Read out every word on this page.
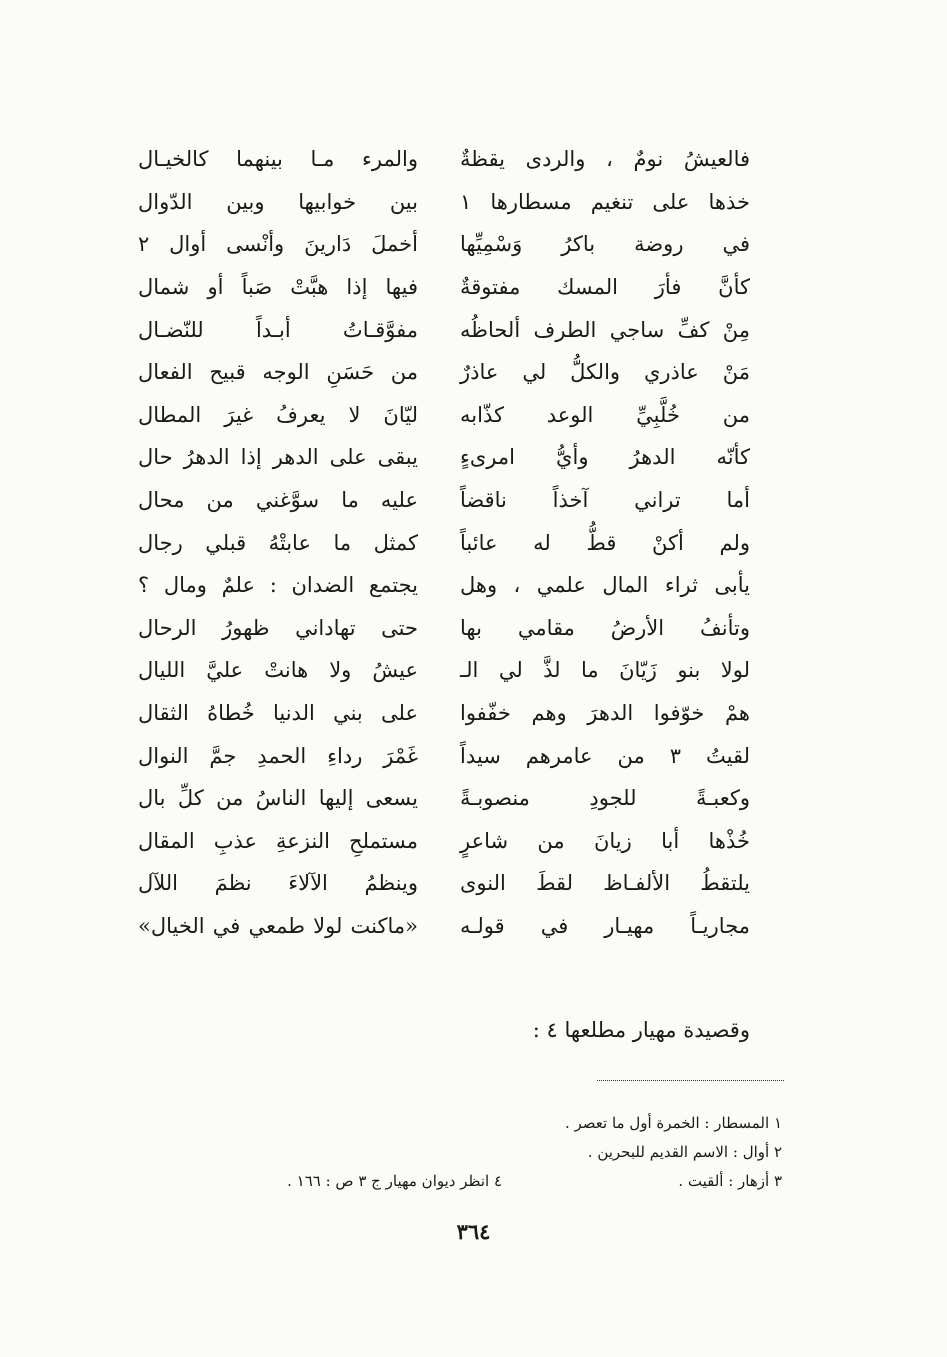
فالعيشُ نومٌ ، والردى يقظةٌ
والمرء مـا بينهما كالخيـال
خذها على تنغيم مسطارها ١
بين خوابيها وبين الدّوال
في روضة باكرُ وَسْمِيِّها
أخملَ دَارينَ وأنْسى أوال ٢
كأنَّ فأرَ المسك مفتوقةٌ
فيها إذا هبَّتْ صَباً أو شمال
مِنْ كفِّ ساجي الطرف ألحاظُه
مفوَّقـاتُ أبـداً للنّضـال
مَنْ عاذري والكلُّ لي عاذرٌ
من حَسَنِ الوجه قبيح الفعال
من خُلَّبِيِّ الوعد كذّابه
ليّانَ لا يعرفُ غيرَ المطال
كأنّه الدهرُ وأيُّ امرىءٍ
يبقى على الدهر إذا الدهرُ حال
أما تراني آخذاً ناقضاً
عليه ما سوَّغني من محال
ولم أكنْ قطُّ له عائباً
كمثل ما عابتْهُ قبلي رجال
يأبى ثراء المال علمي ، وهل
يجتمع الضدان : علمٌ ومال ؟
وتأنفُ الأرضُ مقامي بها
حتى تهاداني ظهورُ الرحال
لولا بنو زَيّانَ ما لذَّ لي الـ
عيشُ ولا هانتْ عليَّ الليال
همْ خوّفوا الدهرَ وهم خفّفوا
على بني الدنيا خُطاهُ الثقال
لقيتُ ٣ من عامرهم سيداً
غَمْرَ رداءِ الحمدِ جمَّ النوال
وكعبـةً للجودِ منصوبـةً
يسعى إليها الناسُ من كلِّ بال
خُذْها أبا زيانَ من شاعرٍ
مستملحِ النزعةِ عذبِ المقال
يلتقطُ الألفـاظ لقطَ النوى
وينظمُ الآلاءَ نظمَ اللآل
مجاريـاً مهيـار في قولـه
«ماكنت لولا طمعي في الخيال»
وقصيدة مهيار مطلعها ٤ :
١ المسطار : الخمرة أول ما تعصر .
٢ أوال : الاسم القديم للبحرين .
٣ أزهار : ألقيت .
٤ انظر ديوان مهيار ج ٣ ص : ١٦٦ .
٣٦٤
